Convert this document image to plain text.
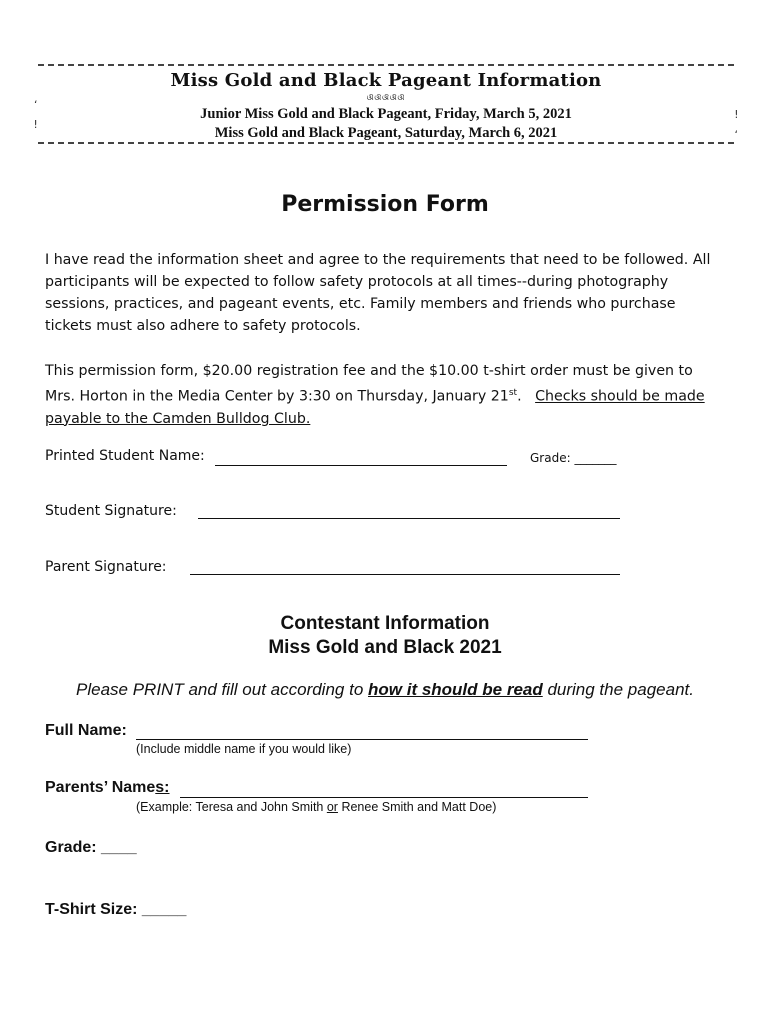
ʻ
ǃ
ǃ
ʻ
Miss Gold and Black Pageant Information
ଔଔଔଔଔ
Junior Miss Gold and Black Pageant, Friday, March 5, 2021
Miss Gold and Black Pageant, Saturday, March 6, 2021
Permission Form
I have read the information sheet and agree to the requirements that need to be followed. All participants will be expected to follow safety protocols at all times--during photography sessions, practices, and pageant events, etc. Family members and friends who purchase tickets must also adhere to safety protocols.
This permission form, $20.00 registration fee and the $10.00 t-shirt order must be given to Mrs. Horton in the Media Center by 3:30 on Thursday, January 21st.   Checks should be made payable to the Camden Bulldog Club.
Printed Student Name:	Grade: _______
Student Signature:
Parent Signature:
Contestant Information
Miss Gold and Black 2021
Please PRINT and fill out according to how it should be read during the pageant.
Full Name:
(Include middle name if you would like)
Parents’ Names:
(Example: Teresa and John Smith or Renee Smith and Matt Doe)
Grade: ____
T-Shirt Size: _____
